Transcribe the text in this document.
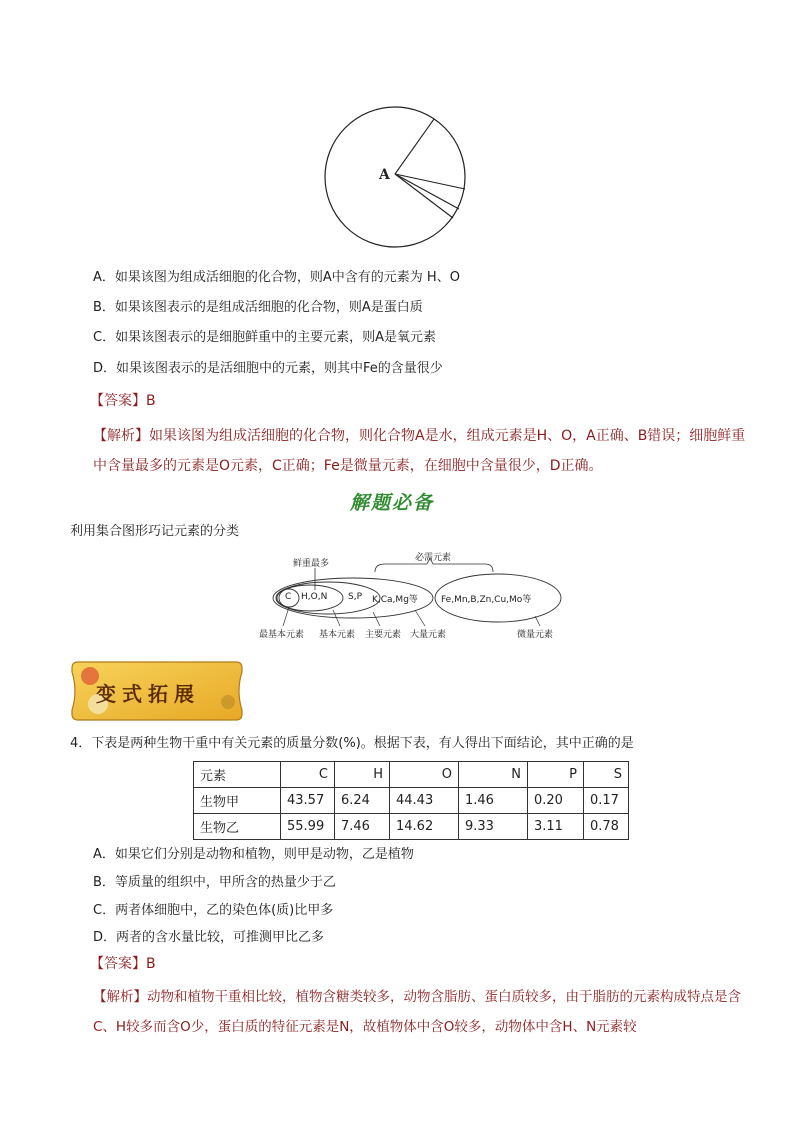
A
A．如果该图为组成活细胞的化合物，则A中含有的元素为 H、O
B．如果该图表示的是组成活细胞的化合物，则A是蛋白质
C．如果该图表示的是细胞鲜重中的主要元素，则A是氧元素
D．如果该图表示的是活细胞中的元素，则其中Fe的含量很少
【答案】B
【解析】如果该图为组成活细胞的化合物，则化合物A是水，组成元素是H、O，A正确、B错误；细胞鲜重中含量最多的元素是O元素，C正确；Fe是微量元素，在细胞中含量很少，D正确。
解题必备
利用集合图形巧记元素的分类
鲜重最多
必需元素
C H,O,N S,P K,Ca,Mg等	Fe,Mn,B,Zn,Cu,Mo等
最基本元素 基本元素 主要元素 大量元素	微量元素
变式拓展
4．下表是两种生物干重中有关元素的质量分数(%)。根据下表，有人得出下面结论，其中正确的是
元素	C	H	O	N	P	S
生物甲	43.57	6.24	44.43	1.46	0.20	0.17
生物乙	55.99	7.46	14.62	9.33	3.11	0.78
A．如果它们分别是动物和植物，则甲是动物，乙是植物
B．等质量的组织中，甲所含的热量少于乙
C．两者体细胞中，乙的染色体(质)比甲多
D．两者的含水量比较，可推测甲比乙多
【答案】B
【解析】动物和植物干重相比较，植物含糖类较多，动物含脂肪、蛋白质较多，由于脂肪的元素构成特点是含C、H较多而含O少，蛋白质的特征元素是N，故植物体中含O较多，动物体中含H、N元素较
